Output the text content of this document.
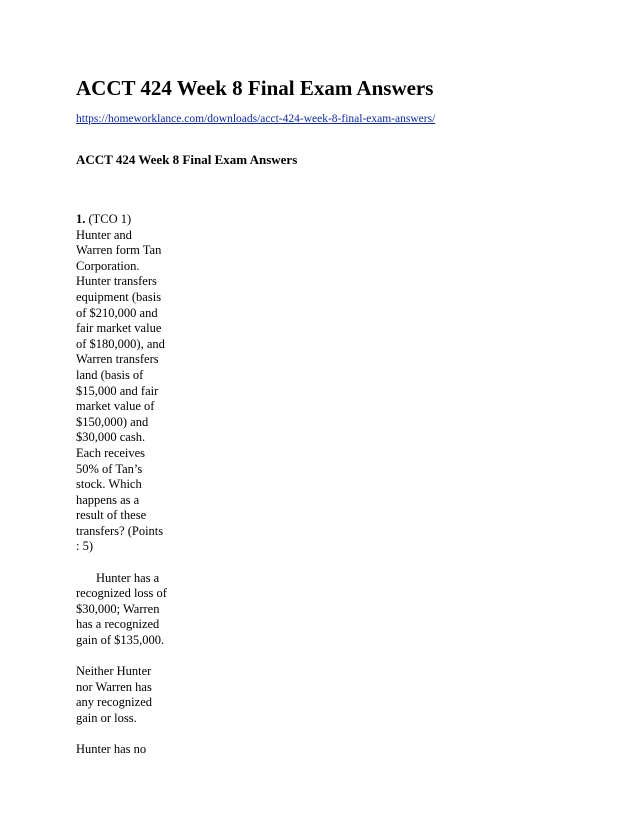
ACCT 424 Week 8 Final Exam Answers
https://homeworklance.com/downloads/acct-424-week-8-final-exam-answers/
ACCT 424 Week 8 Final Exam Answers

1. (TCO 1) Hunter and Warren form Tan Corporation. Hunter transfers equipment (basis of $210,000 and fair market value of $180,000), and Warren transfers land (basis of $15,000 and fair market value of $150,000) and $30,000 cash. Each receives 50% of Tan’s stock. Which happens as a result of these transfers? (Points : 5)

Hunter has a recognized loss of $30,000; Warren has a recognized gain of $135,000.

Neither Hunter nor Warren has any recognized gain or loss.

Hunter has no
